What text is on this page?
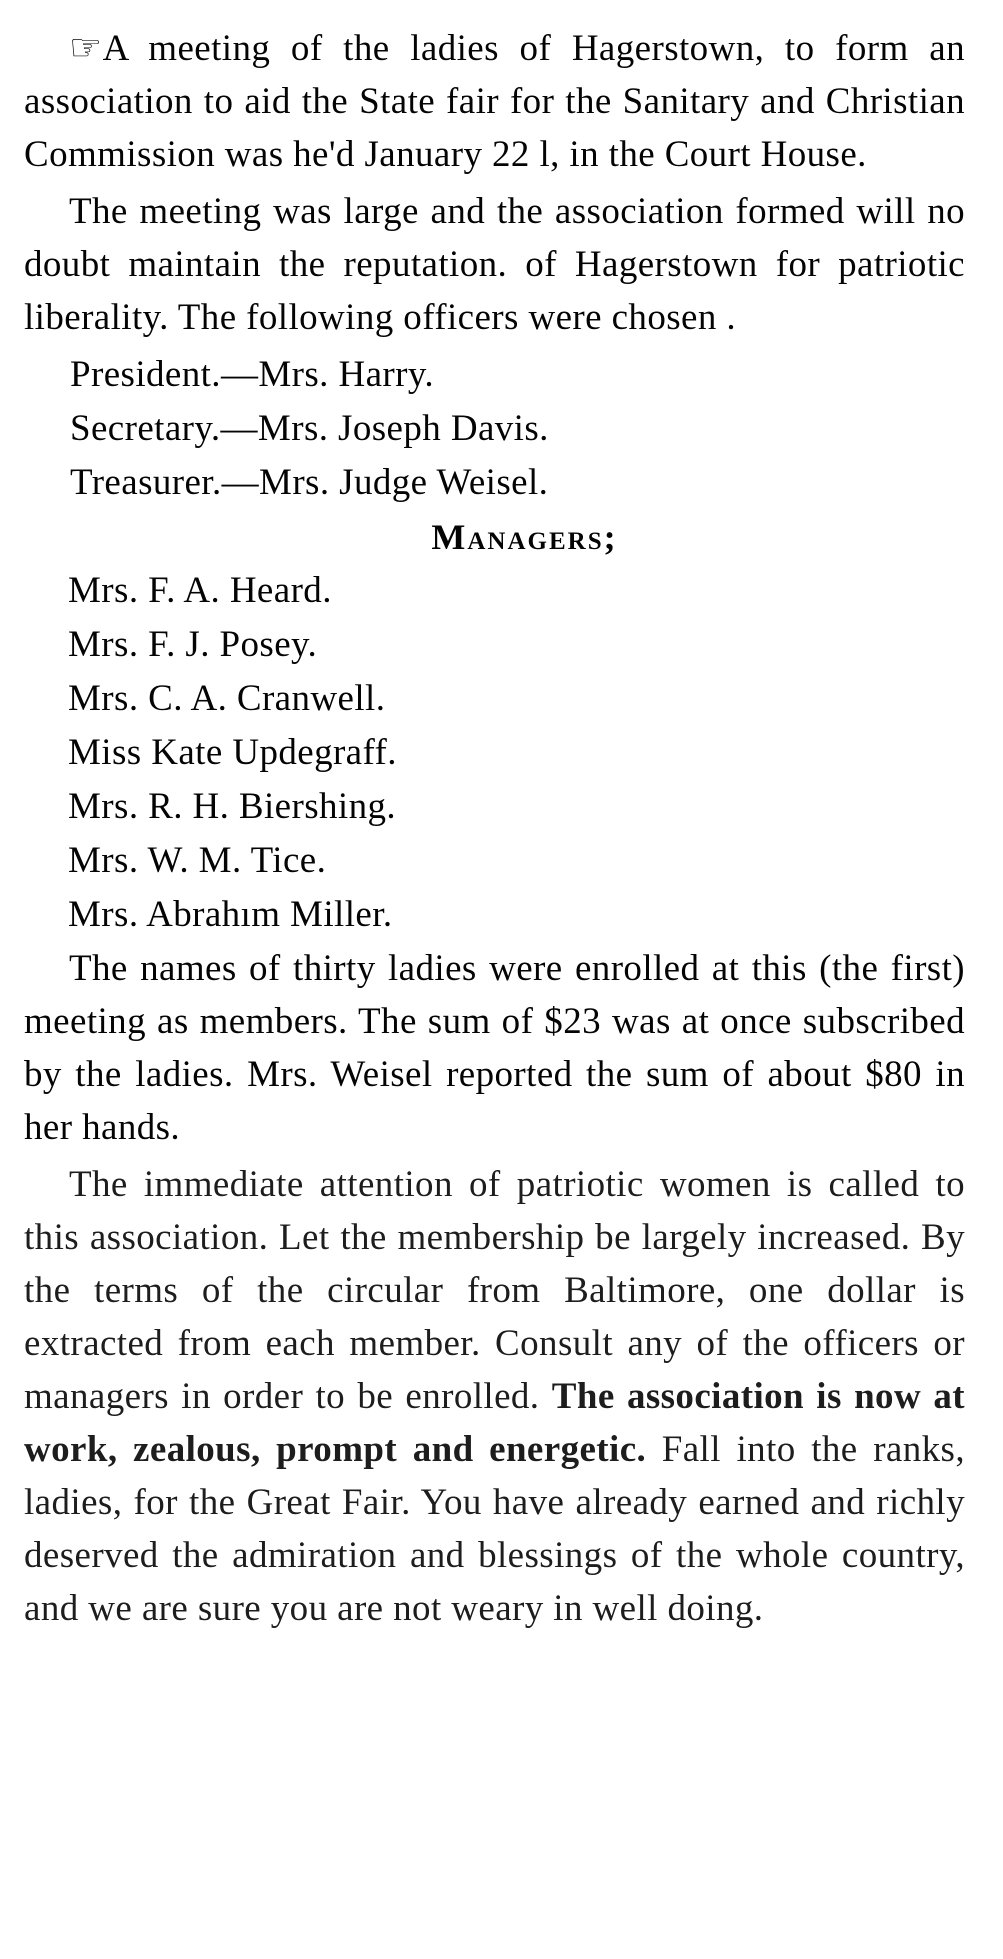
☞A meeting of the ladies of Hagerstown, to form an association to aid the State fair for the Sanitary and Christian Commission was he'd January 22 l, in the Court House.

The meeting was large and the association formed will no doubt maintain the reputation. of Hagerstown for patriotic liberality. The following officers were chosen .

President.—Mrs. Harry.
Secretary.—Mrs. Joseph Davis.
Treasurer.—Mrs. Judge Weisel.
Managers;
Mrs. F. A. Heard.
Mrs. F. J. Posey.
Mrs. C. A. Cranwell.
Miss Kate Updegraff.
Mrs. R. H. Biershing.
Mrs. W. M. Tice.
Mrs. Abrahım Miller.

The names of thirty ladies were enrolled at this (the first) meeting as members. The sum of $23 was at once subscribed by the ladies. Mrs. Weisel reported the sum of about $80 in her hands.

The immediate attention of patriotic women is called to this association. Let the membership be largely increased. By the terms of the circular from Baltimore, one dollar is extracted from each member. Consult any of the officers or managers in order to be enrolled. The association is now at work, zealous, prompt and energetic. Fall into the ranks, ladies, for the Great Fair. You have already earned and richly deserved the admiration and blessings of the whole country, and we are sure you are not weary in well doing.
